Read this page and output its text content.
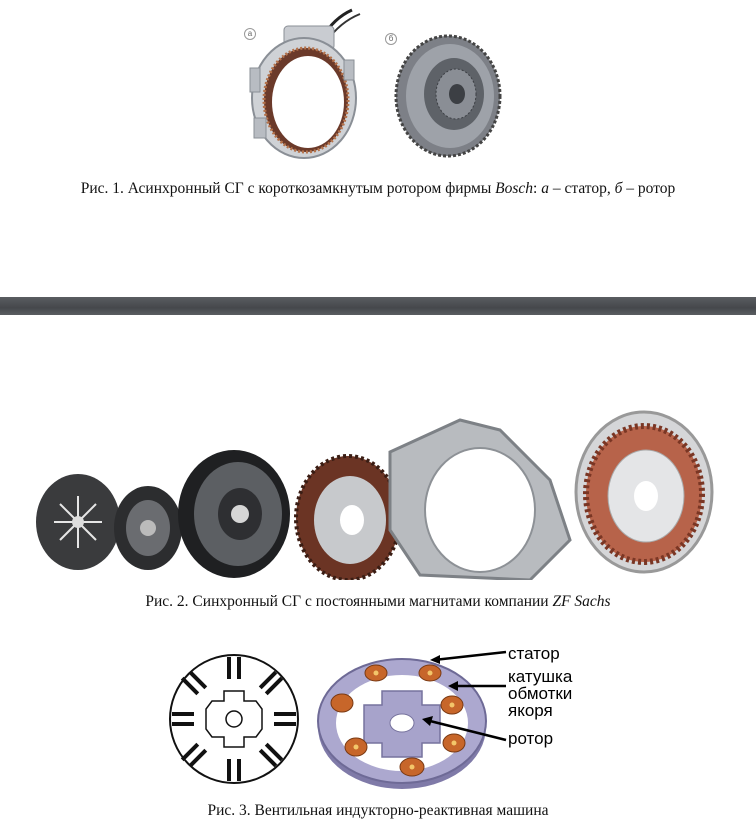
а
б
Рис. 1. Асинхронный СГ с короткозамкнутым ротором фирмы Bosch: а – статор, б – ротор
Рис. 2. Синхронный СГ с постоянными магнитами компании ZF Sachs
статор
катушка
обмотки
якоря
ротор
Рис. 3. Вентильная индукторно-реактивная машина
